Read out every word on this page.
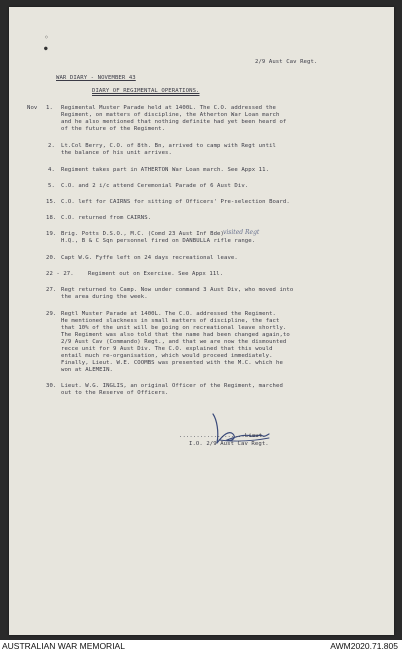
◦
●
2/9 Aust Cav Regt.
WAR DIARY - NOVEMBER 43
DIARY OF REGIMENTAL OPERATIONS.
Nov 1. Regimental Muster Parade held at 1400L. The C.O. addressed the
Regiment, on matters of discipline, the Atherton War Loan march
and he also mentioned that nothing definite had yet been heard of
of the future of the Regiment.
2. Lt.Col Berry, C.O. of 8th. Bn, arrived to camp with Regt until
the balance of his unit arrives.
4. Regiment takes part in ATHERTON War Loan march. See Appx 11.
5. C.O. and 2 i/c attend Ceremonial Parade of 6 Aust Div.
15. C.O. left for CAIRNS for sitting of Officers' Pre-selection Board.
18. C.O. returned from CAIRNS.
19. Brig. Potts D.S.O., M.C. (Comd 23 Aust Inf Bde) visited Regt
H.Q., B & C Sqn personnel fired on DANBULLA rifle range.
20. Capt W.G. Fyffe left on 24 days recreational leave.
22 - 27.	Regiment out on Exercise. See Appx 11l.
27. Regt returned to Camp. Now under command 3 Aust Div, who moved into
the area during the week.
29. Regtl Muster Parade at 1400L. The C.O. addressed the Regiment.
He mentioned slackness in small matters of discipline, the fact
that 10% of the unit will be going on recreational leave shortly.
The Regiment was also told that the name had been changed again,to
2/9 Aust Cav (Commando) Regt., and that we are now the dismounted
recce unit for 9 Aust Div. The C.O. explained that this would
entail much re-organisation, which would proceed immediately.
Finally, Lieut. W.E. COOMBS was presented with the M.C. which he
won at ALEMEIN.
30. Lieut. W.G. INGLIS, an original Officer of the Regiment, marched
out to the Reserve of Officers.
...................Lieut.
I.O. 2/9 Aust Cav Regt.
AUSTRALIAN WAR MEMORIAL	AWM2020.71.805
